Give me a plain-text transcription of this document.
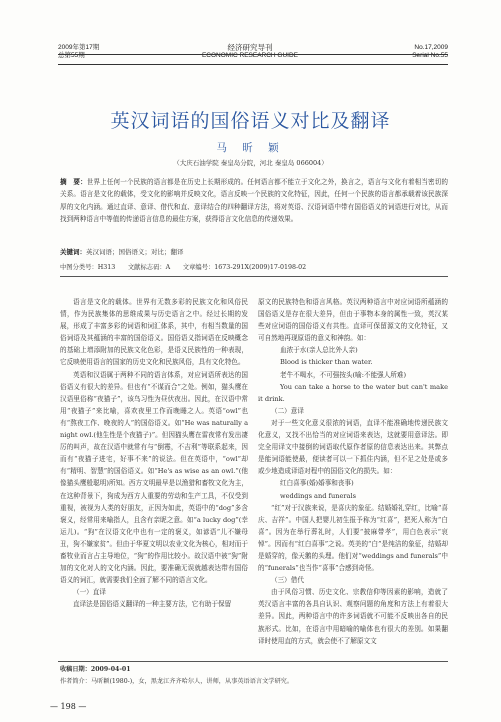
2009年第17期
总第55期
经济研究导刊
ECONOMIC RESEARCH GUIDE
No.17,2009
Serial No.55
英汉词语的国俗语义对比及翻译
马 昕 颖
（大庆石油学院 秦皇岛分院，河北 秦皇岛 066004）
摘　要：世界上任何一个民族的语言都是在历史上长期形成的。任何语言都不能立于文化之外，换言之，语言与文化有着相当密切的关系。语言是文化的载体，受文化的影响并反映文化，语言反映一个民族的文化特征，因此，任何一个民族的语言都承载着该民族深厚的文化内涵。通过直译、意译、借代和直、意译结合的四种翻译方法，将对英语、汉语词语中带有国俗语义的词语进行对比，从而找到两种语言中等值的传递语言信息的最佳方案，获得语言文化信息的传递效果。
关键词：英汉词语；国俗语义；对比；翻译
中图分类号：H313　　文献标志码：A　　文章编号：1673-291X(2009)17-0198-02

语言是文化的载体。世界有无数多彩的民族文化和风俗民情，作为民族集体的思维成果与历史语言之中。经过长期的发展，形成了丰富多彩的词语和词汇体系，其中，有相当数量的国俗词语及其蕴涵的丰富的国俗语义。国俗语义指词语在反映概念的基础上增添附加的民族文化色彩，是语义民族性的一种表现，它反映使用语言的国家的历史文化和民族风俗，具有文化特色。

英语和汉语属于两种不同的语言体系，对应词语所表达的国俗语义有很大的差异。但也有“不谋而合”之处。例如，猫头鹰在汉语里俗称“夜猫子”，该鸟习性为昼伏夜出。因此，在汉语中常用“夜猫子”来比喻，喜欢夜里工作而晚睡之人。英语“owl”也有“熬夜工作、晚夜的人”的国俗语义。如“He was naturally a night owl.(他生性是个夜猫子)”。但因猫头鹰在雷夜常有发出凄厉的叫声，故在汉语中就常有与“倒霉，不吉利”等联系起来，因而有“夜猫子进宅，好事不来”的说法。但在英语中，“owl”却有“精明、智慧”的国俗语义。如“He's as wise as an owl.”(他像猫头鹰般聪明)所知。西方文明最早是以渔猎和畜牧文化为主，在这种背景下，狗成为西方人重要的劳动和生产工具，不仅受到重视，被视为人类的好朋友，正因为如此，英语中的“dog”多含褒义，经常用来喻指人，且含有亲昵之意。如“a lucky dog”(幸运儿)。“狗”在汉语文化中也有一定的褒义，如谚语“儿不嫌母丑，狗不嫌家贫”。但由于华夏文明以农业文化为核心，相对而于畜牧业而言占主导地位，“狗”的作用比较小。故汉语中被“狗”附加的文化对人的文化内涵。因此，要准确无误就越表达带有国俗语义的词汇，就需要我们全面了解不同的语言文化。

（一）直译

直译法是国俗语义翻译的一种主要方法，它有助于保留

原文的民族特色和语言风格。英汉两种语言中对应词语所蕴涵的国俗语义是存在很大差异，但由于事物本身的属性一致，英汉某些对应词语的国俗语义有共性。直译可保留源文的文化特征，又可自然地再现原语的意义和神韵。如：

血浓于水(亲人总比外人亲)

Blood is thicker than water.

老牛不喝水，不可强按头(喻:不能强人所难)

You can take a horse to the water but can't make it drink.

（二）意译

对于一些文化意义很浓的词语，直译不能准确地传递民族文化意义，又找不出恰当的对应词语来表达，这就要用意译法。即完全用译文中接倒的词语取代原作者原的信息表达出来。其弊点是能词语能使最，便读者可以一下抓住内涵，但不足之处是或多或少地造成译语对程中的国俗文化的损失。如：

红白喜事(婚)婚事和丧事)

weddings and funerals

“红”对于汉族来说，是喜庆的象征。结婚婚礼穿红，比喻“喜庆、吉祥”。中国人把婴儿初生报予称为“红喜”，把死人称为“白喜”。因为在举行葬礼时，人们要“披麻带孝”，用白色表示“哀悼”。因而有“红白喜事”之说。英美的“白”是纯洁的象征，结婚却是婚穿的，像天鹅的头理。他们对“weddings and funerals”中的“funerals”也当作“喜事”合感到奇怪。

（三）借代

由于风俗习惯、历史文化、宗教信仰等因素的影响，造就了英汉语言丰富的各具自认识、观察问题的角度和方法上有着很大差异。因此，两种语言中的许多词语就不可能不反映出各自的民族形式。比如，在语言中用暗喻的喻体也有很大的差别。如果翻译时使用直的方式，就会使不了解原文文

收稿日期：2009-04-01
作者简介：马昕颖(1980-)，女，黑龙江齐齐哈尔人，讲师，从事英语语言文学研究。
— 198 —
